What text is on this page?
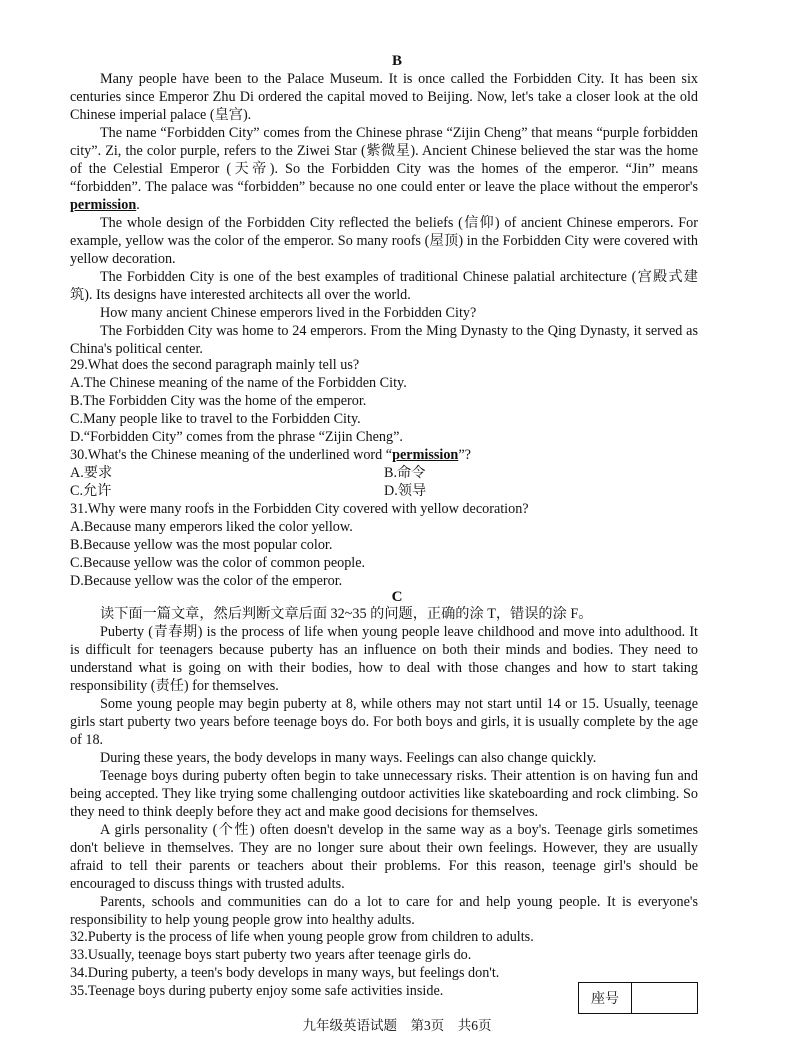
B

Many people have been to the Palace Museum. It is once called the Forbidden City. It has been six centuries since Emperor Zhu Di ordered the capital moved to Beijing. Now, let's take a closer look at the old Chinese imperial palace (皇宫).

The name “Forbidden City” comes from the Chinese phrase “Zijin Cheng” that means “purple forbidden city”. Zi, the color purple, refers to the Ziwei Star (紫微星). Ancient Chinese believed the star was the home of the Celestial Emperor (天帝). So the Forbidden City was the homes of the emperor. “Jin” means “forbidden”. The palace was “forbidden” because no one could enter or leave the place without the emperor's permission.

The whole design of the Forbidden City reflected the beliefs (信仰) of ancient Chinese emperors. For example, yellow was the color of the emperor. So many roofs (屋顶) in the Forbidden City were covered with yellow decoration.

The Forbidden City is one of the best examples of traditional Chinese palatial architecture (宫殿式建筑). Its designs have interested architects all over the world.

How many ancient Chinese emperors lived in the Forbidden City?

The Forbidden City was home to 24 emperors. From the Ming Dynasty to the Qing Dynasty, it served as China's political center.

29.What does the second paragraph mainly tell us?
A.The Chinese meaning of the name of the Forbidden City.
B.The Forbidden City was the home of the emperor.
C.Many people like to travel to the Forbidden City.
D.“Forbidden City” comes from the phrase “Zijin Cheng”.
30.What's the Chinese meaning of the underlined word “permission”?
A.要求	B.命令
C.允许	D.领导
31.Why were many roofs in the Forbidden City covered with yellow decoration?
A.Because many emperors liked the color yellow.
B.Because yellow was the most popular color.
C.Because yellow was the color of common people.
D.Because yellow was the color of the emperor.
C

读下面一篇文章，然后判断文章后面 32~35 的问题，正确的涂 T，错误的涂 F。

Puberty (青春期) is the process of life when young people leave childhood and move into adulthood. It is difficult for teenagers because puberty has an influence on both their minds and bodies. They need to understand what is going on with their bodies, how to deal with those changes and how to start taking responsibility (责任) for themselves.

Some young people may begin puberty at 8, while others may not start until 14 or 15. Usually, teenage girls start puberty two years before teenage boys do. For both boys and girls, it is usually complete by the age of 18.

During these years, the body develops in many ways. Feelings can also change quickly.

Teenage boys during puberty often begin to take unnecessary risks. Their attention is on having fun and being accepted. They like trying some challenging outdoor activities like skateboarding and rock climbing. So they need to think deeply before they act and make good decisions for themselves.

A girls personality (个性) often doesn't develop in the same way as a boy's. Teenage girls sometimes don't believe in themselves. They are no longer sure about their own feelings. However, they are usually afraid to tell their parents or teachers about their problems. For this reason, teenage girl's should be encouraged to discuss things with trusted adults.

Parents, schools and communities can do a lot to care for and help young people. It is everyone's responsibility to help young people grow into healthy adults.

32.Puberty is the process of life when young people grow from children to adults.
33.Usually, teenage boys start puberty two years after teenage girls do.
34.During puberty, a teen's body develops in many ways, but feelings don't.
35.Teenage boys during puberty enjoy some safe activities inside.
座号
九年级英语试题　第3页　共6页
